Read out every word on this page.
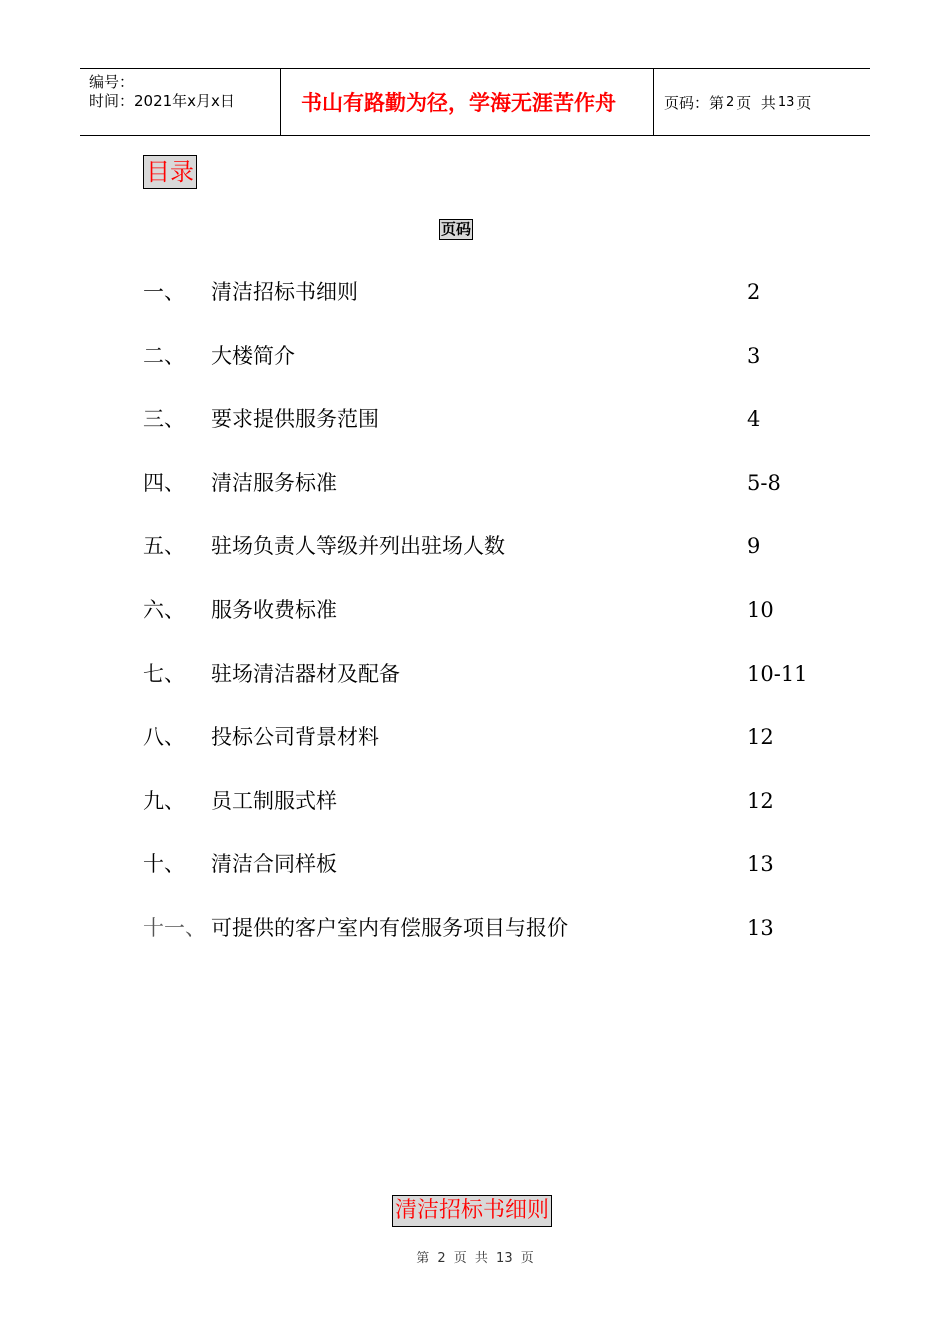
编号：
时间：2021年x月x日	书山有路勤为径，学海无涯苦作舟	页码：第 2 页  共 13 页
目录
页码
一、 清洁招标书细则	2
二、 大楼简介	3
三、 要求提供服务范围	4
四、 清洁服务标准	5-8
五、 驻场负责人等级并列出驻场人数	9
六、 服务收费标准	10
七、 驻场清洁器材及配备	10-11
八、 投标公司背景材料	12
九、 员工制服式样	12
十、 清洁合同样板	13
十一、 可提供的客户室内有偿服务项目与报价	13
清洁招标书细则
第 2 页 共 13 页
